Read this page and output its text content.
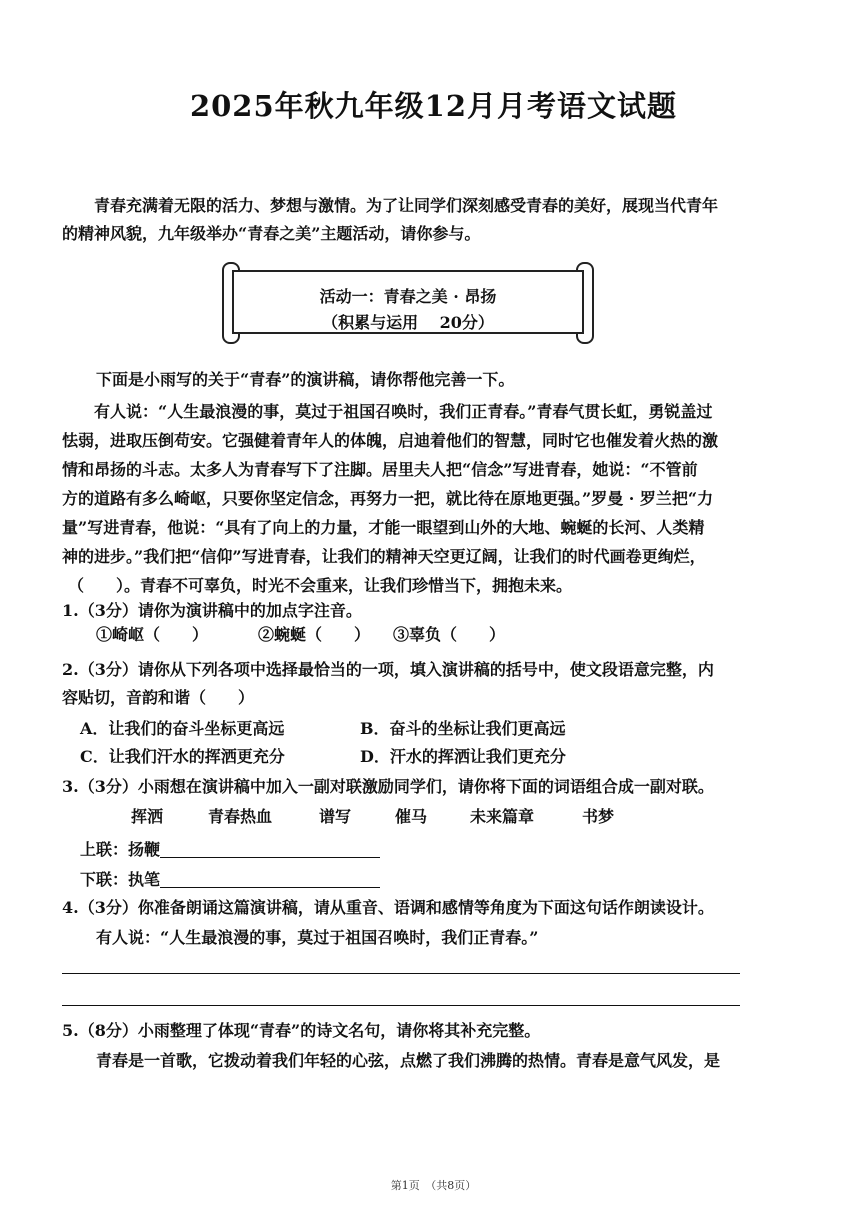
2025年秋九年级12月月考语文试题
青春充满着无限的活力、梦想与激情。为了让同学们深刻感受青春的美好，展现当代青年
的精神风貌，九年级举办“青春之美”主题活动，请你参与。
活动一：青春之美 · 昂扬
（积累与运用　 20分）
下面是小雨写的关于“青春”的演讲稿，请你帮他完善一下。
有人说：“人生最浪漫的事，莫过于祖国召唤时，我们正青春。”青春气贯长虹，勇锐盖过
怯弱，进取压倒苟安。它强健着青年人的体魄，启迪着他们的智慧，同时它也催发着火热的激
情和昂扬的斗志。太多人为青春写下了注脚。居里夫人把“信念”写进青春，她说：“不管前
方的道路有多么崎岖，只要你坚定信念，再努力一把，就比待在原地更强。”罗曼 · 罗兰把“力
量”写进青春，他说：“具有了向上的力量，才能一眼望到山外的大地、蜿蜒的长河、人类精
神的进步。”我们把“信仰”写进青春，让我们的精神天空更辽阔，让我们的时代画卷更绚烂，
（　　）。青春不可辜负，时光不会重来，让我们珍惜当下，拥抱未来。
1.（3分）请你为演讲稿中的加点字注音。
①崎岖（　　）	②蜿蜒（　　） ③辜负（　　）
2.（3分）请你从下列各项中选择最恰当的一项，填入演讲稿的括号中，使文段语意完整，内
容贴切，音韵和谐（　　）
A．让我们的奋斗坐标更高远	B．奋斗的坐标让我们更高远
C．让我们汗水的挥洒更充分	D．汗水的挥洒让我们更充分
3.（3分）小雨想在演讲稿中加入一副对联激励同学们，请你将下面的词语组合成一副对联。
挥洒	青春热血	谱写	催马	未来篇章	书梦
上联：扬鞭
下联：执笔
4.（3分）你准备朗诵这篇演讲稿，请从重音、语调和感情等角度为下面这句话作朗读设计。
有人说：“人生最浪漫的事，莫过于祖国召唤时，我们正青春。”
5.（8分）小雨整理了体现“青春”的诗文名句，请你将其补充完整。
青春是一首歌，它拨动着我们年轻的心弦，点燃了我们沸腾的热情。青春是意气风发，是
第1页　（共8页）
